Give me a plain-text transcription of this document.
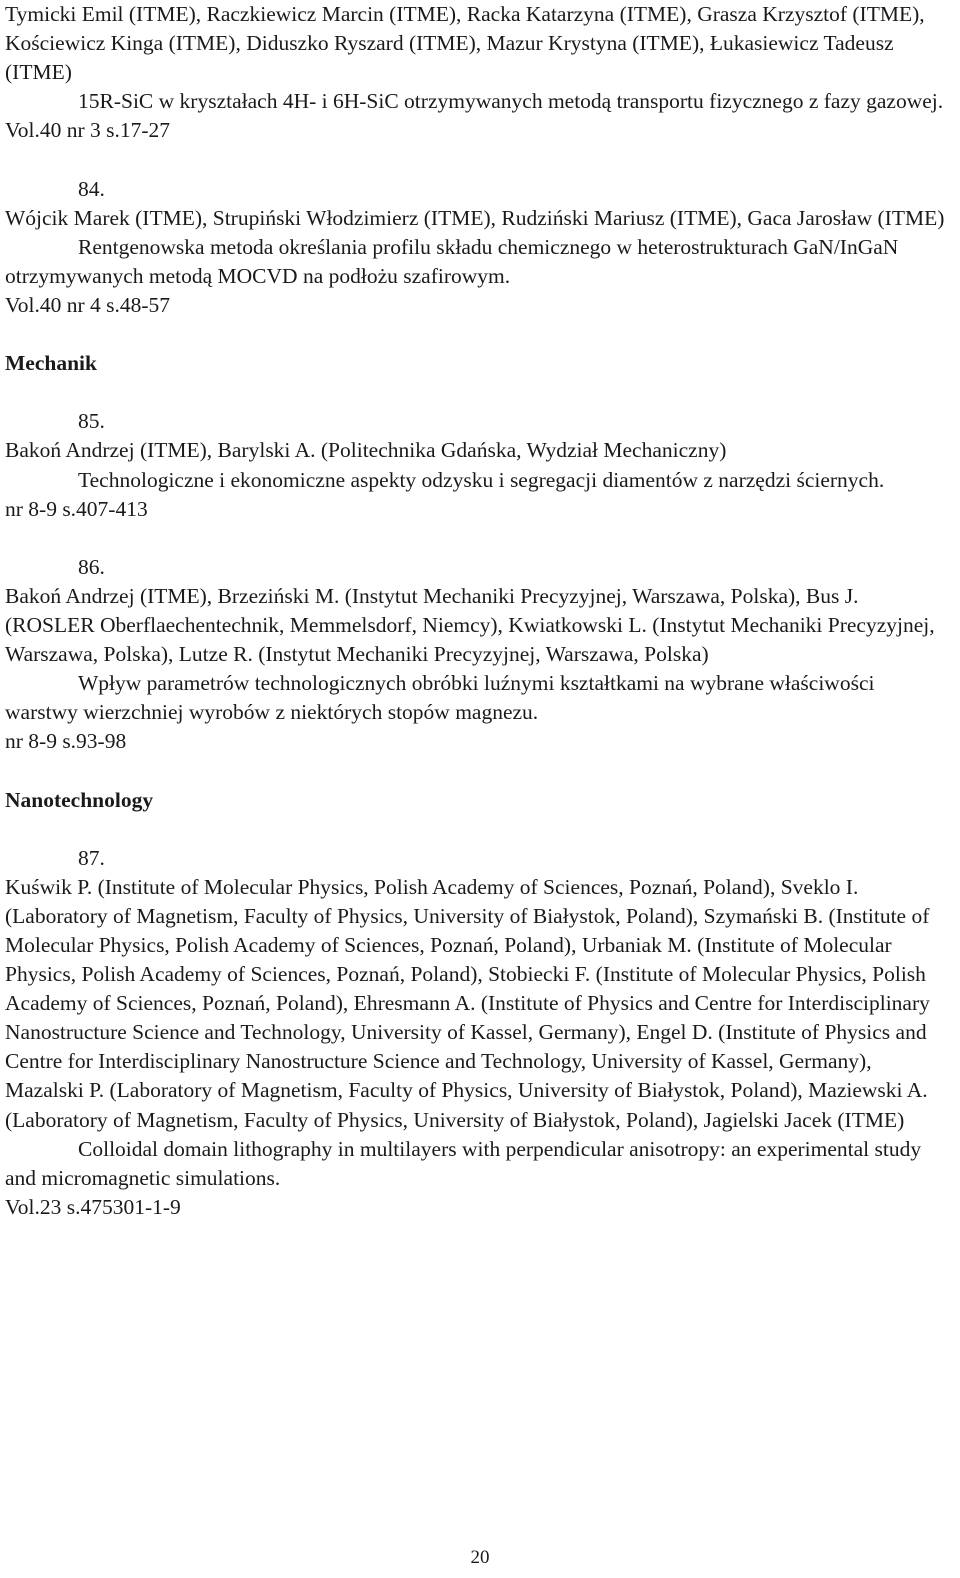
Tymicki Emil (ITME), Raczkiewicz Marcin (ITME), Racka Katarzyna (ITME), Grasza Krzysztof (ITME), Kościewicz Kinga (ITME), Diduszko Ryszard (ITME), Mazur Krystyna (ITME), Łukasiewicz Tadeusz (ITME)

15R-SiC w kryształach 4H- i 6H-SiC otrzymywanych metodą transportu fizycznego z fazy gazowej.

Vol.40 nr 3 s.17-27

84.

Wójcik Marek (ITME), Strupiński Włodzimierz (ITME), Rudziński Mariusz (ITME), Gaca Jarosław (ITME)

Rentgenowska metoda określania profilu składu chemicznego w heterostrukturach GaN/InGaN otrzymywanych metodą MOCVD na podłożu szafirowym.

Vol.40 nr 4 s.48-57

Mechanik

85.

Bakoń Andrzej (ITME), Barylski A. (Politechnika Gdańska, Wydział Mechaniczny)

Technologiczne i ekonomiczne aspekty odzysku i segregacji diamentów z narzędzi ściernych.

nr 8-9 s.407-413

86.

Bakoń Andrzej (ITME), Brzeziński M. (Instytut Mechaniki Precyzyjnej, Warszawa, Polska), Bus J. (ROSLER Oberflaechentechnik, Memmelsdorf, Niemcy), Kwiatkowski L. (Instytut Mechaniki Precyzyjnej, Warszawa, Polska), Lutze R. (Instytut Mechaniki Precyzyjnej, Warszawa, Polska)

Wpływ parametrów technologicznych obróbki luźnymi kształtkami na wybrane właściwości warstwy wierzchniej wyrobów z niektórych stopów magnezu.

nr 8-9 s.93-98

Nanotechnology

87.

Kuświk P. (Institute of Molecular Physics, Polish Academy of Sciences, Poznań, Poland), Sveklo I. (Laboratory of Magnetism, Faculty of Physics, University of Białystok, Poland), Szymański B. (Institute of Molecular Physics, Polish Academy of Sciences, Poznań, Poland), Urbaniak M. (Institute of Molecular Physics, Polish Academy of Sciences, Poznań, Poland), Stobiecki F. (Institute of Molecular Physics, Polish Academy of Sciences, Poznań, Poland), Ehresmann A. (Institute of Physics and Centre for Interdisciplinary Nanostructure Science and Technology, University of Kassel, Germany), Engel D. (Institute of Physics and Centre for Interdisciplinary Nanostructure Science and Technology, University of Kassel, Germany), Mazalski P. (Laboratory of Magnetism, Faculty of Physics, University of Białystok, Poland), Maziewski A. (Laboratory of Magnetism, Faculty of Physics, University of Białystok, Poland), Jagielski Jacek (ITME)

Colloidal domain lithography in multilayers with perpendicular anisotropy: an experimental study and micromagnetic simulations.

Vol.23 s.475301-1-9

20
